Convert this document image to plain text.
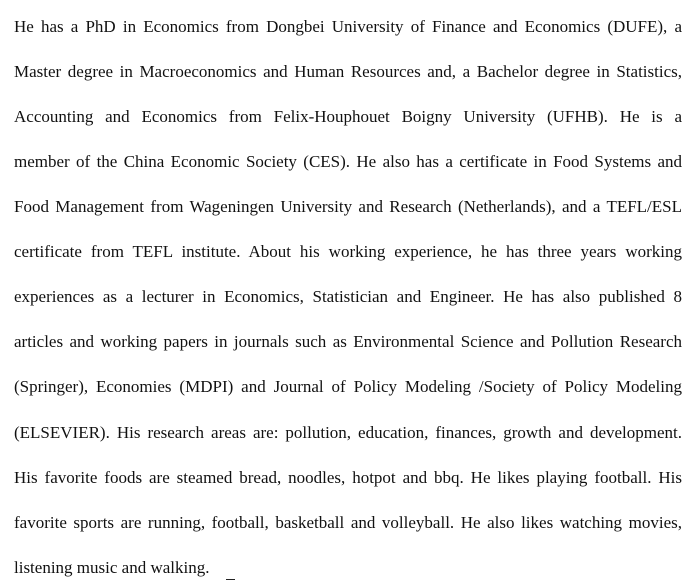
He has a PhD in Economics from Dongbei University of Finance and Economics (DUFE), a
Master degree in Macroeconomics and Human Resources and, a Bachelor degree in Statistics,
Accounting and Economics from Felix-Houphouet Boigny University (UFHB). He is a
member of the China Economic Society (CES). He also has a certificate in Food Systems and
Food Management from Wageningen University and Research (Netherlands), and a TEFL/ESL
certificate from TEFL institute. About his working experience, he has three years working
experiences as a lecturer in Economics, Statistician and Engineer. He has also published 8
articles and working papers in journals such as Environmental Science and Pollution Research
(Springer), Economies (MDPI) and Journal of Policy Modeling /Society of Policy Modeling
(ELSEVIER). His research areas are: pollution, education, finances, growth and development.
His favorite foods are steamed bread, noodles, hotpot and bbq. He likes playing football. His
favorite sports are running, football, basketball and volleyball. He also likes watching movies,
listening music and walking.
